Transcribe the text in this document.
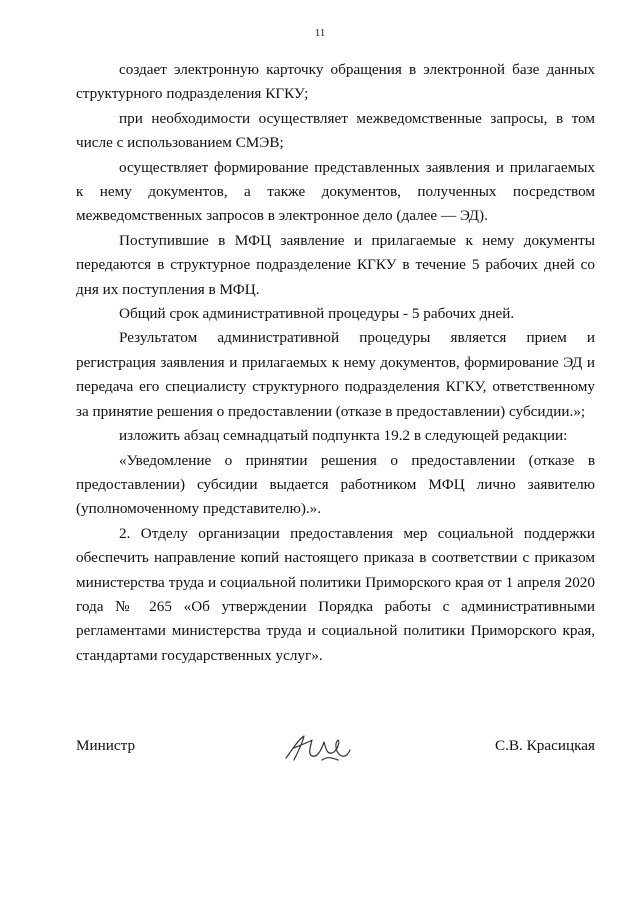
11

создает электронную карточку обращения в электронной базе данных структурного подразделения КГКУ;

при необходимости осуществляет межведомственные запросы, в том числе с использованием СМЭВ;

осуществляет формирование представленных заявления и прилагаемых к нему документов, а также документов, полученных посредством межведомственных запросов в электронное дело (далее — ЭД).

Поступившие в МФЦ заявление и прилагаемые к нему документы передаются в структурное подразделение КГКУ в течение 5 рабочих дней со дня их поступления в МФЦ.

Общий срок административной процедуры - 5 рабочих дней.

Результатом административной процедуры является прием и регистрация заявления и прилагаемых к нему документов, формирование ЭД и передача его специалисту структурного подразделения КГКУ, ответственному за принятие решения о предоставлении (отказе в предоставлении) субсидии.»;

изложить абзац семнадцатый подпункта 19.2 в следующей редакции:

«Уведомление о принятии решения о предоставлении (отказе в предоставлении) субсидии выдается работником МФЦ лично заявителю (уполномоченному представителю).».

2. Отделу организации предоставления мер социальной поддержки обеспечить направление копий настоящего приказа в соответствии с приказом министерства труда и социальной политики Приморского края от 1 апреля 2020 года № 265 «Об утверждении Порядка работы с административными регламентами министерства труда и социальной политики Приморского края, стандартами государственных услуг».

Министр	С.В. Красицкая
